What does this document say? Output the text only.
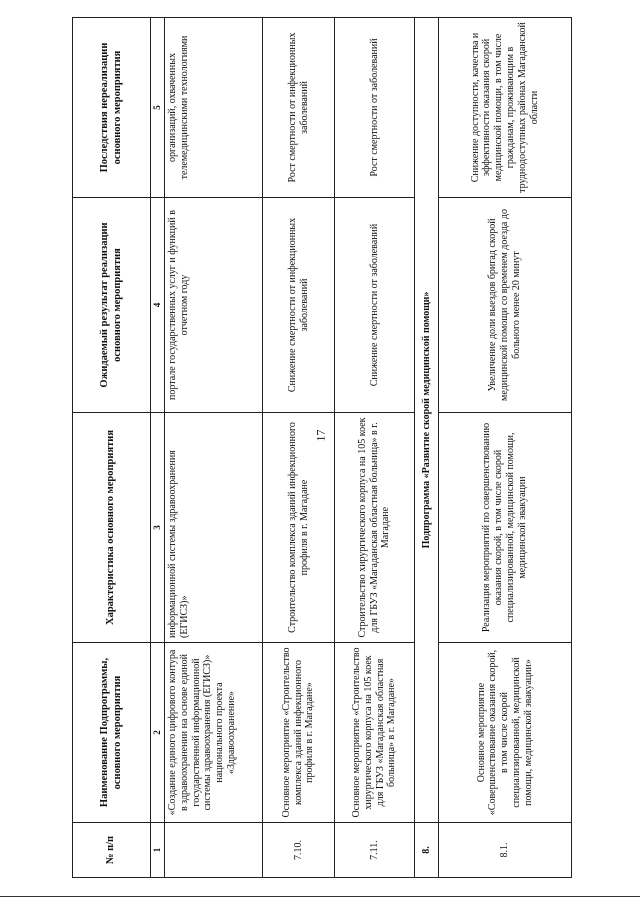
17
№ п/п	Наименование Подпрограммы, основного мероприятия	Характеристика основного мероприятия	Ожидаемый результат реализации основного мероприятия	Последствия нереализации основного мероприятия
1	2	3	4	5
	«Создание единого цифрового контура в здравоохранении на основе единой государственной информационной системы здравоохранения (ЕГИСЗ)» национального проекта «Здравоохранение»	информационной системы здравоохранения (ЕГИСЗ)»	портале государственных услуг и функций в отчетном году	организаций, охваченных телемедицинскими технологиями
7.10.	Основное мероприятие «Строительство комплекса зданий инфекционного профиля в г. Магадане»	Строительство комплекса зданий инфекционного профиля в г. Магадане	Снижение смертности от инфекционных заболеваний	Рост смертности от инфекционных заболеваний
7.11.	Основное мероприятие «Строительство хирургического корпуса на 105 коек для ГБУЗ «Магаданская областная больница» в г. Магадане»	Строительство хирургического корпуса на 105 коек для ГБУЗ «Магаданская областная больница» в г. Магадане	Снижение смертности от заболеваний	Рост смертности от заболеваний
8.	Подпрограмма «Развитие скорой медицинской помощи»			
8.1.	Основное мероприятие «Совершенствование оказания скорой, в том числе скорой специализированной, медицинской помощи, медицинской эвакуации»	Реализация мероприятий по совершенствованию оказания скорой, в том числе скорой специализированной, медицинской помощи, медицинской эвакуации	Увеличение доли выездов бригад скорой медицинской помощи со временем доезда до больного менее 20 минут	Снижение доступности, качества и эффективности оказания скорой медицинской помощи, в том числе гражданам, проживающим в труднодоступных районах Магаданской области
